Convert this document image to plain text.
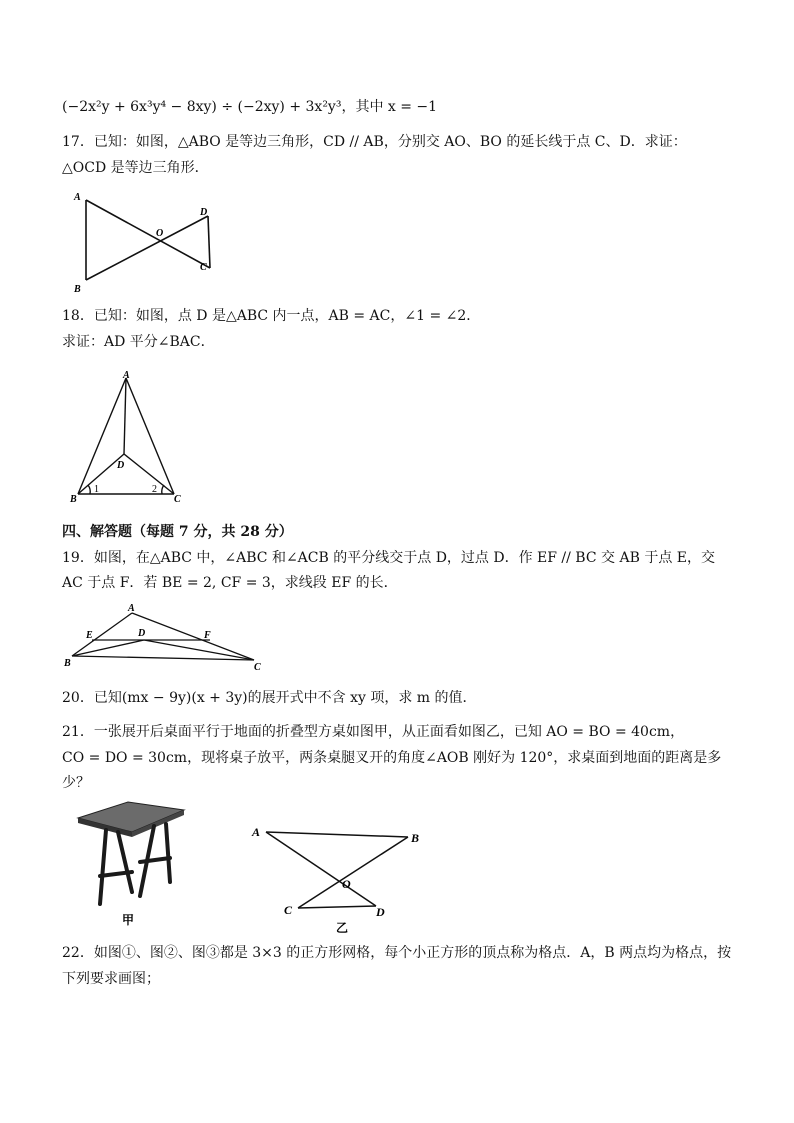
(−2x²y + 6x³y⁴ − 8xy) ÷ (−2xy) + 3x²y³，其中 x = −1
17．已知：如图，△ABO 是等边三角形，CD // AB，分别交 AO、BO 的延长线于点 C、D．求证：
△OCD 是等边三角形．
A
B
O
D
C
18．已知：如图，点 D 是△ABC 内一点，AB = AC，∠1 = ∠2．
求证：AD 平分∠BAC．
A
B	C
D
1	2
四、解答题（每题 7 分，共 28 分）
19．如图，在△ABC 中，∠ABC 和∠ACB 的平分线交于点 D，过点 D．作 EF // BC 交 AB 于点 E，交
AC 于点 F．若 BE = 2, CF = 3，求线段 EF 的长．
A
B	C
D
E	F
20．已知(mx − 9y)(x + 3y)的展开式中不含 xy 项，求 m 的值．
21．一张展开后桌面平行于地面的折叠型方桌如图甲，从正面看如图乙，已知 AO = BO = 40cm，
CO = DO = 30cm，现将桌子放平，两条桌腿叉开的角度∠AOB 刚好为 120°，求桌面到地面的距离是多
少？
甲
A	B
O
C	D
乙
22．如图①、图②、图③都是 3×3 的正方形网格，每个小正方形的顶点称为格点．A，B 两点均为格点，按
下列要求画图；
